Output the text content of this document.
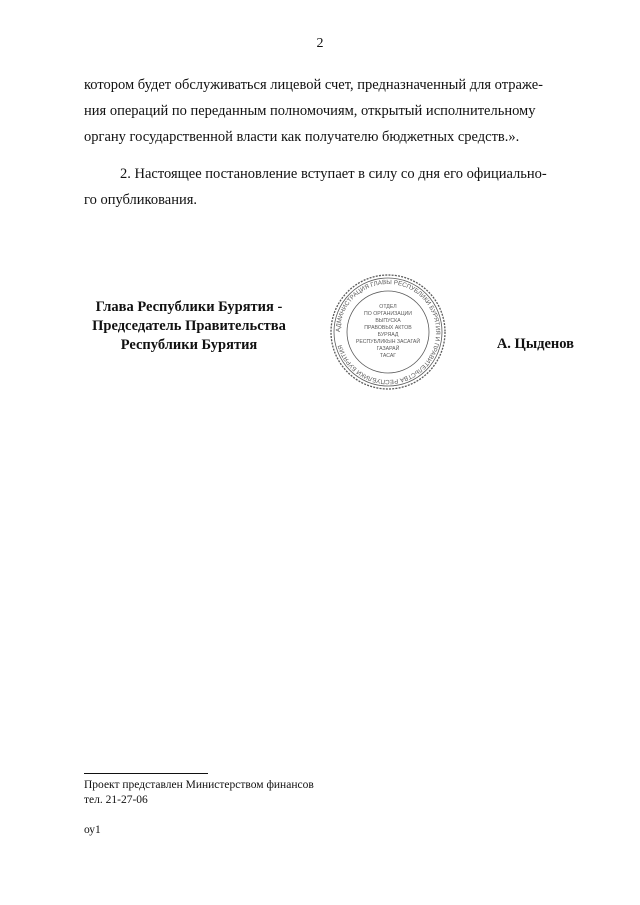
2

котором будет обслуживаться лицевой счет, предназначенный для отраже-

ния операций по переданным полномочиям, открытый исполнительному

органу государственной власти как получателю бюджетных средств.».

2. Настоящее постановление вступает в силу со дня его официально-

го опубликования.

Глава Республики Бурятия -
Председатель Правительства
Республики Бурятия
АДМИНИСТРАЦИЯ ГЛАВЫ РЕСПУБЛИКИ БУРЯТИЯ И ПРАВИТЕЛЬСТВА РЕСПУБЛИКИ БУРЯТИЯ
ОТДЕЛ
ПО ОРГАНИЗАЦИИ
ВЫПУСКА
ПРАВОВЫХ АКТОВ
БУРЯАД
РЕСПУБЛИКЫН ЗАСАГАЙ
ГАЗАРАЙ
ТАСАГ
А. Цыденов
Проект представлен Министерством финансов
тел. 21-27-06
оу1
